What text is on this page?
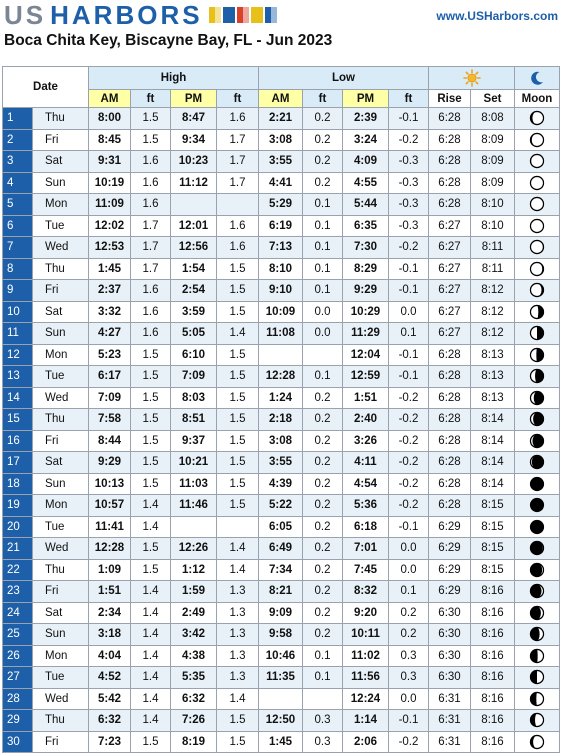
US HARBORS	www.USHarbors.com
Boca Chita Key, Biscayne Bay, FL - Jun 2023
Date		High				Low	

		AM	ft	PM	ft	AM	ft	PM	ft	Rise	Set	Moon
1	Thu	8:00	1.5	8:47	1.6	2:21	0.2	2:39	-0.1	6:28	8:08	

2	Fri	8:45	1.5	9:34	1.7	3:08	0.2	3:24	-0.2	6:28	8:09	

3	Sat	9:31	1.6	10:23	1.7	3:55	0.2	4:09	-0.3	6:28	8:09	

4	Sun	10:19	1.6	11:12	1.7	4:41	0.2	4:55	-0.3	6:28	8:09	

5	Mon	11:09	1.6			5:29	0.1	5:44	-0.3	6:28	8:10	

6	Tue	12:02	1.7	12:01	1.6	6:19	0.1	6:35	-0.3	6:27	8:10	

7	Wed	12:53	1.7	12:56	1.6	7:13	0.1	7:30	-0.2	6:27	8:11	

8	Thu	1:45	1.7	1:54	1.5	8:10	0.1	8:29	-0.1	6:27	8:11	

9	Fri	2:37	1.6	2:54	1.5	9:10	0.1	9:29	-0.1	6:27	8:12	

10	Sat	3:32	1.6	3:59	1.5	10:09	0.0	10:29	0.0	6:27	8:12	

11	Sun	4:27	1.6	5:05	1.4	11:08	0.0	11:29	0.1	6:27	8:12	

12	Mon	5:23	1.5	6:10	1.5			12:04	-0.1	6:28	8:13	

13	Tue	6:17	1.5	7:09	1.5	12:28	0.1	12:59	-0.1	6:28	8:13	

14	Wed	7:09	1.5	8:03	1.5	1:24	0.2	1:51	-0.2	6:28	8:13	

15	Thu	7:58	1.5	8:51	1.5	2:18	0.2	2:40	-0.2	6:28	8:14	

16	Fri	8:44	1.5	9:37	1.5	3:08	0.2	3:26	-0.2	6:28	8:14	

17	Sat	9:29	1.5	10:21	1.5	3:55	0.2	4:11	-0.2	6:28	8:14	

18	Sun	10:13	1.5	11:03	1.5	4:39	0.2	4:54	-0.2	6:28	8:14	

19	Mon	10:57	1.4	11:46	1.5	5:22	0.2	5:36	-0.2	6:28	8:15	

20	Tue	11:41	1.4			6:05	0.2	6:18	-0.1	6:29	8:15	

21	Wed	12:28	1.5	12:26	1.4	6:49	0.2	7:01	0.0	6:29	8:15	

22	Thu	1:09	1.5	1:12	1.4	7:34	0.2	7:45	0.0	6:29	8:15	

23	Fri	1:51	1.4	1:59	1.3	8:21	0.2	8:32	0.1	6:29	8:16	

24	Sat	2:34	1.4	2:49	1.3	9:09	0.2	9:20	0.2	6:30	8:16	

25	Sun	3:18	1.4	3:42	1.3	9:58	0.2	10:11	0.2	6:30	8:16	

26	Mon	4:04	1.4	4:38	1.3	10:46	0.1	11:02	0.3	6:30	8:16	

27	Tue	4:52	1.4	5:35	1.3	11:35	0.1	11:56	0.3	6:30	8:16	

28	Wed	5:42	1.4	6:32	1.4			12:24	0.0	6:31	8:16	

29	Thu	6:32	1.4	7:26	1.5	12:50	0.3	1:14	-0.1	6:31	8:16	

30	Fri	7:23	1.5	8:19	1.5	1:45	0.3	2:06	-0.2	6:31	8:16	
